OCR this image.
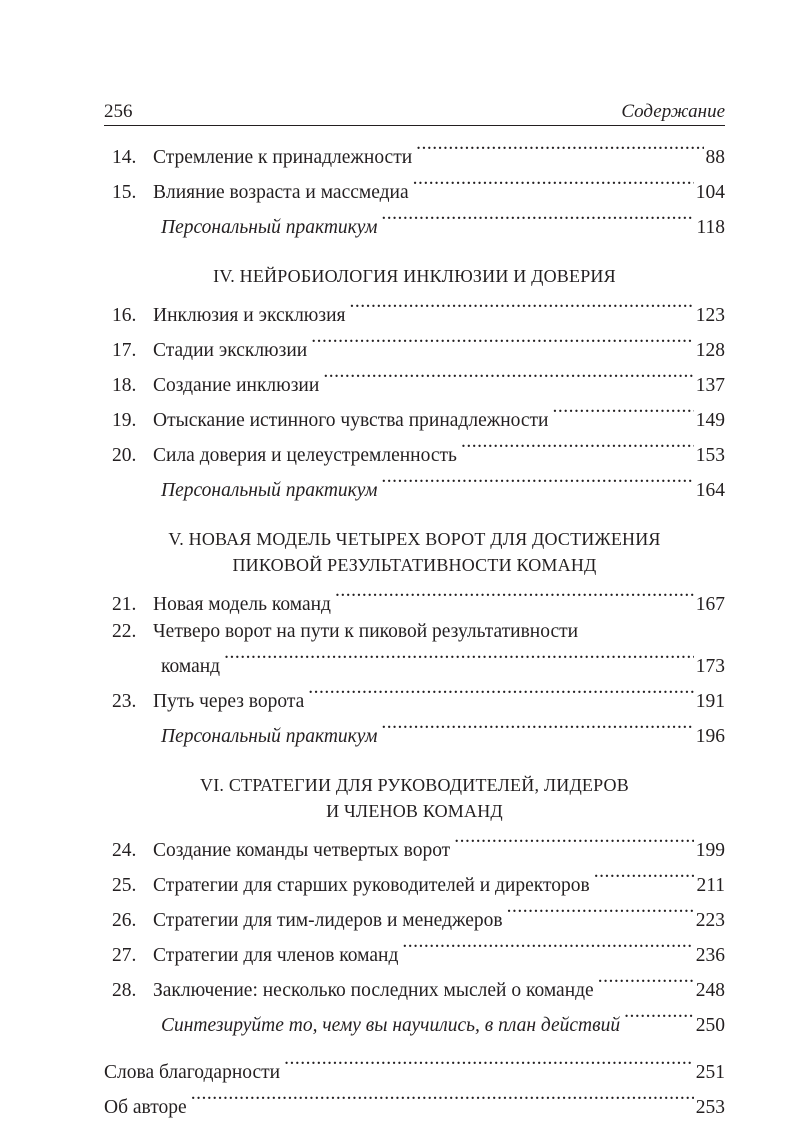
256	Содержание
14. Стремление к принадлежности .....	88
15. Влияние возраста и массмедиа .....	104
Персональный практикум .....	118
IV. НЕЙРОБИОЛОГИЯ ИНКЛЮЗИИ И ДОВЕРИЯ
16. Инклюзия и эксклюзия .....	123
17. Стадии эксклюзии .....	128
18. Создание инклюзии .....	137
19. Отыскание истинного чувства принадлежности .....	149
20. Сила доверия и целеустремленность .....	153
Персональный практикум .....	164
V. НОВАЯ МОДЕЛЬ ЧЕТЫРЕХ ВОРОТ ДЛЯ ДОСТИЖЕНИЯ
ПИКОВОЙ РЕЗУЛЬТАТИВНОСТИ КОМАНД
21. Новая модель команд .....	167
22. Четверо ворот на пути к пиковой результативности
команд .....	173
23. Путь через ворота .....	191
Персональный практикум .....	196
VI. СТРАТЕГИИ ДЛЯ РУКОВОДИТЕЛЕЙ, ЛИДЕРОВ
И ЧЛЕНОВ КОМАНД
24. Создание команды четвертых ворот .....	199
25. Стратегии для старших руководителей и директоров .....	211
26. Стратегии для тим-лидеров и менеджеров .....	223
27. Стратегии для членов команд .....	236
28. Заключение: несколько последних мыслей о команде .....	248
Синтезируйте то, чему вы научились, в план действий .....	250
Слова благодарности .....	251
Об авторе .....	253
